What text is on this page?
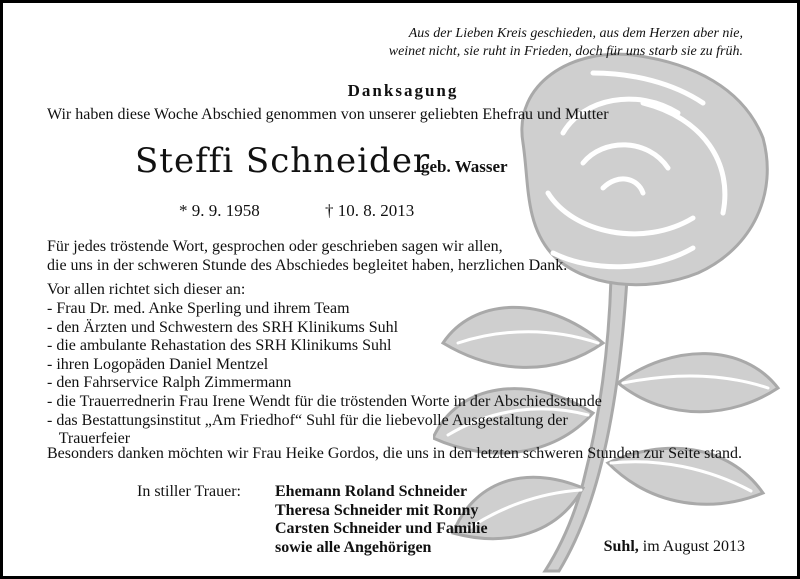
Aus der Lieben Kreis geschieden, aus dem Herzen aber nie,
weinet nicht, sie ruht in Frieden, doch für uns starb sie zu früh.
Danksagung
Wir haben diese Woche Abschied genommen von unserer geliebten Ehefrau und Mutter
Steffi Schneider
geb. Wasser
* 9. 9. 1958	† 10. 8. 2013
Für jedes tröstende Wort, gesprochen oder geschrieben sagen wir allen,
die uns in der schweren Stunde des Abschiedes begleitet haben, herzlichen Dank.
Vor allen richtet sich dieser an:
- Frau Dr. med. Anke Sperling und ihrem Team
- den Ärzten und Schwestern des SRH Klinikums Suhl
- die ambulante Rehastation des SRH Klinikums Suhl
- ihren Logopäden Daniel Mentzel
- den Fahrservice Ralph Zimmermann
- die Trauerrednerin Frau Irene Wendt für die tröstenden Worte in der Abschiedsstunde
- das Bestattungsinstitut „Am Friedhof“ Suhl für die liebevolle Ausgestaltung der
Trauerfeier
Besonders danken möchten wir Frau Heike Gordos, die uns in den letzten schweren Stunden zur Seite stand.
In stiller Trauer: Ehemann Roland Schneider
Theresa Schneider mit Ronny
Carsten Schneider und Familie
sowie alle Angehörigen	Suhl, im August 2013
